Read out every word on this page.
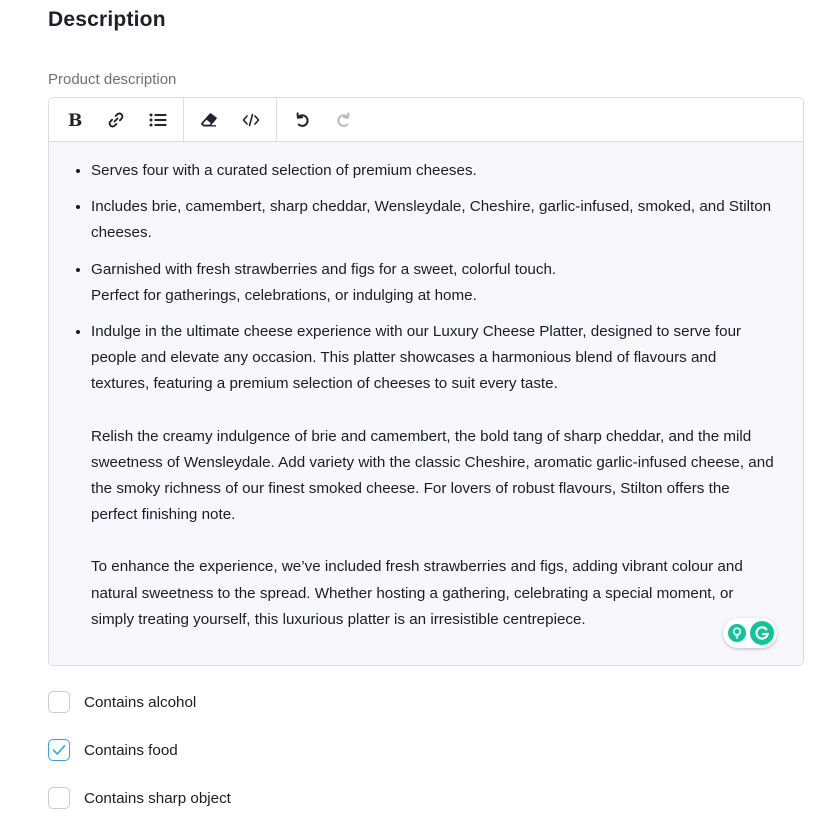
Description
Product description
B

• Serves four with a curated selection of premium cheeses.

• Includes brie, camembert, sharp cheddar, Wensleydale, Cheshire, garlic-infused, smoked, and Stilton cheeses.

• Garnished with fresh strawberries and figs for a sweet, colorful touch.
Perfect for gatherings, celebrations, or indulging at home.

• Indulge in the ultimate cheese experience with our Luxury Cheese Platter, designed to serve four people and elevate any occasion. This platter showcases a harmonious blend of flavours and textures, featuring a premium selection of cheeses to suit every taste.

Relish the creamy indulgence of brie and camembert, the bold tang of sharp cheddar, and the mild sweetness of Wensleydale. Add variety with the classic Cheshire, aromatic garlic-infused cheese, and the smoky richness of our finest smoked cheese. For lovers of robust flavours, Stilton offers the perfect finishing note.

To enhance the experience, we’ve included fresh strawberries and figs, adding vibrant colour and natural sweetness to the spread. Whether hosting a gathering, celebrating a special moment, or simply treating yourself, this luxurious platter is an irresistible centrepiece.

Contains alcohol
Contains food
Contains sharp object
